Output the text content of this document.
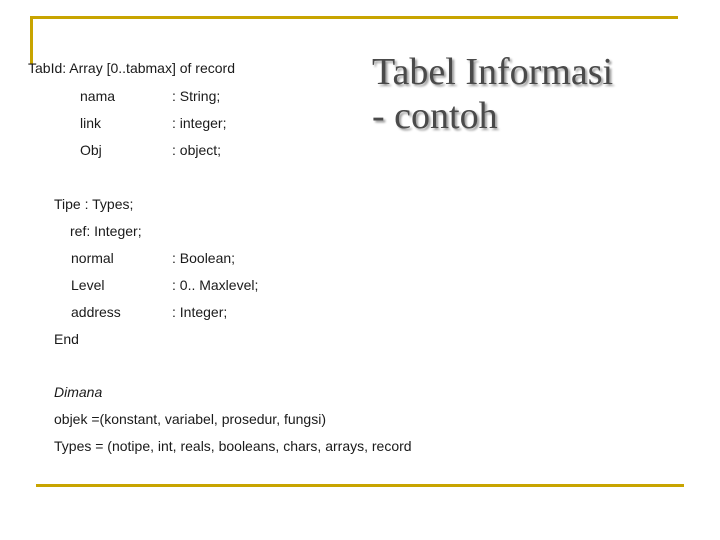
Tabel Informasi
- contoh
TabId: Array [0..tabmax] of record
nama	: String;
link	: integer;
Obj	: object;
Tipe : Types;
ref: Integer;
normal	: Boolean;
Level	: 0.. Maxlevel;
address	: Integer;
End
Dimana
objek =(konstant, variabel, prosedur, fungsi)
Types = (notipe, int, reals, booleans, chars, arrays, record
